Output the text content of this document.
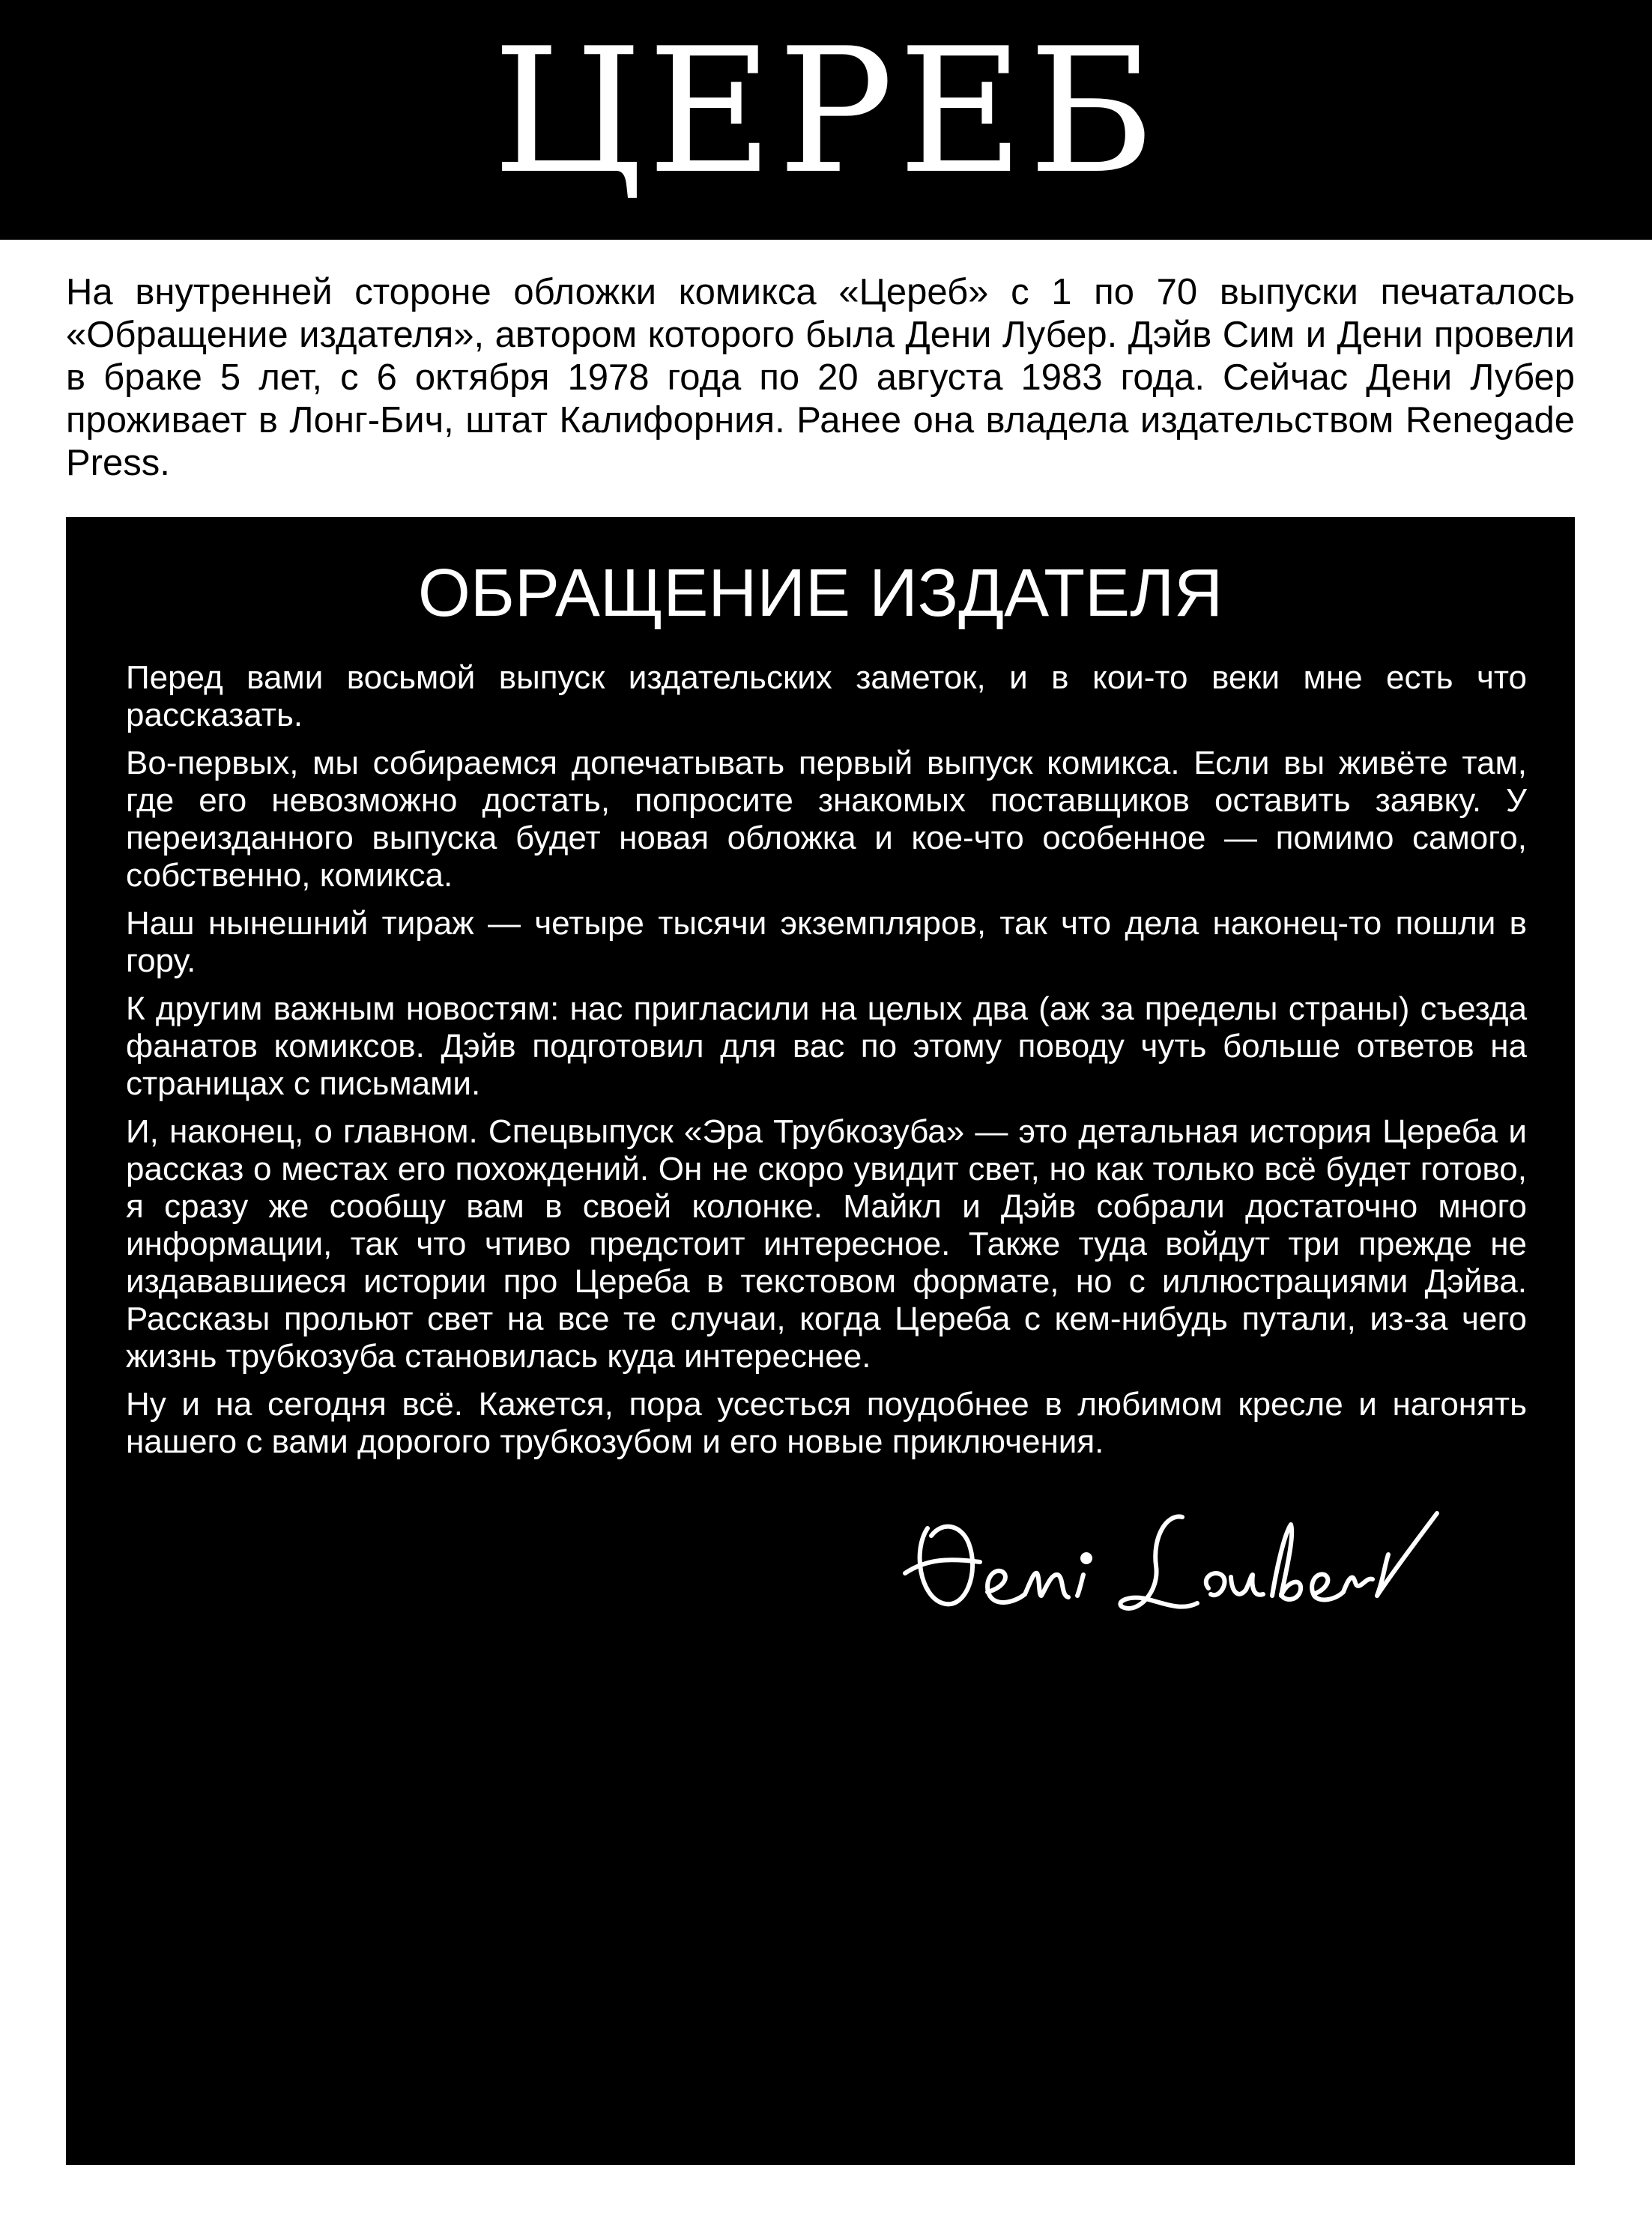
ЦЕРЕБ

На внутренней стороне обложки комикса «Цереб» с 1 по 70 выпуски печаталось «Обращение издателя», автором которого была Дени Лубер. Дэйв Сим и Дени провели в браке 5 лет, с 6 октября 1978 года по 20 августа 1983 года. Сейчас Дени Лубер проживает в Лонг-Бич, штат Калифорния. Ранее она владела издательством Renegade Press.

ОБРАЩЕНИЕ ИЗДАТЕЛЯ

Перед вами восьмой выпуск издательских заметок, и в кои-то веки мне есть что рассказать.

Во-первых, мы собираемся допечатывать первый выпуск комикса. Если вы живёте там, где его невозможно достать, попросите знакомых поставщиков оставить заявку. У переизданного выпуска будет новая обложка и кое-что особенное — помимо самого, собственно, комикса.

Наш нынешний тираж — четыре тысячи экземпляров, так что дела наконец-то пошли в гору.

К другим важным новостям: нас пригласили на целых два (аж за пределы страны) съезда фанатов комиксов. Дэйв подготовил для вас по этому поводу чуть больше ответов на страницах с письмами.

И, наконец, о главном. Спецвыпуск «Эра Трубкозуба» — это детальная история Цереба и рассказ о местах его похождений. Он не скоро увидит свет, но как только всё будет готово, я сразу же сообщу вам в своей колонке. Майкл и Дэйв собрали достаточно много информации, так что чтиво предстоит интересное. Также туда войдут три прежде не издававшиеся истории про Цереба в текстовом формате, но с иллюстрациями Дэйва. Рассказы прольют свет на все те случаи, когда Цереба с кем-нибудь путали, из-за чего жизнь трубкозуба становилась куда интереснее.

Ну и на сегодня всё. Кажется, пора усесться поудобнее в любимом кресле и нагонять нашего с вами дорогого трубкозубом и его новые приключения.
